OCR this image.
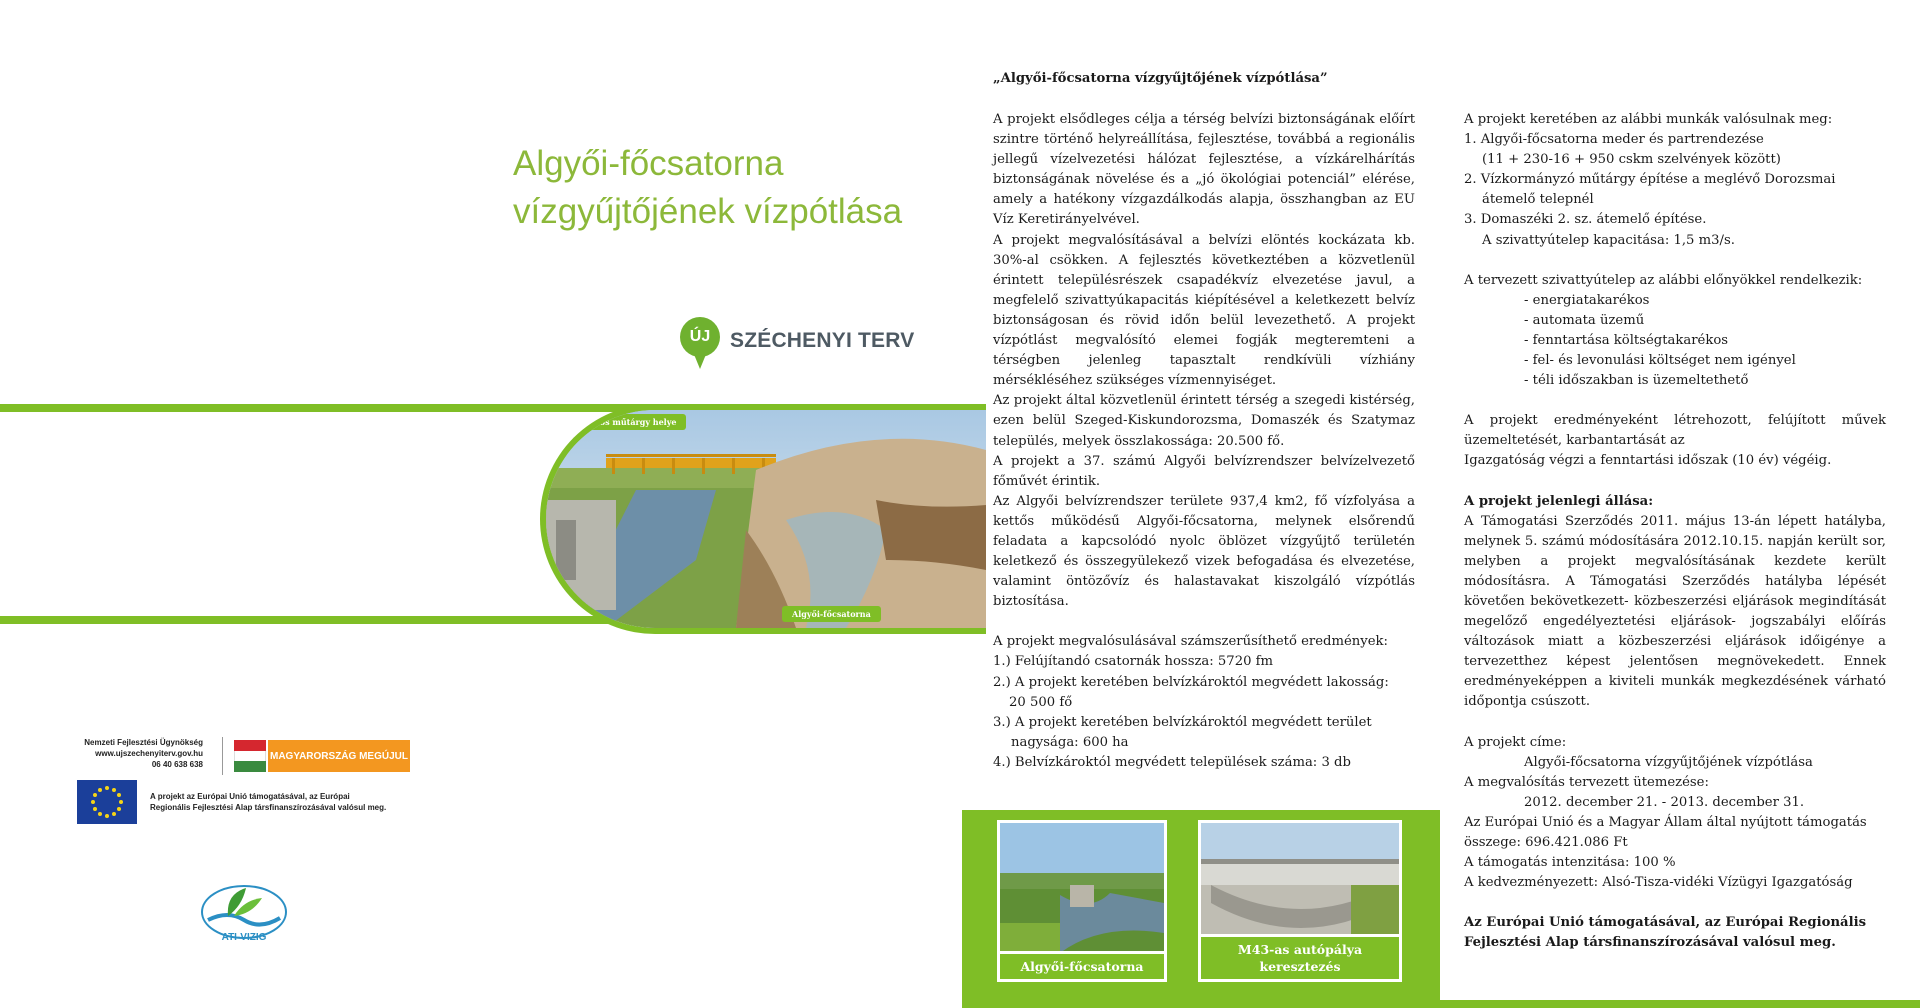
Algyői-főcsatorna
vízgyűjtőjének vízpótlása
ÚJ SZÉCHENYI TERV
Tiltós műtárgy helye
Algyői-főcsatorna
Nemzeti Fejlesztési Ügynökség
www.ujszechenyiterv.gov.hu
06 40 638 638
MAGYARORSZÁG MEGÚJUL
A projekt az Európai Unió támogatásával, az Európai
Regionális Fejlesztési Alap társfinanszírozásával valósul meg.
ATI-VIZIG
„Algyői-főcsatorna vízgyűjtőjének vízpótlása”

A projekt elsődleges célja a térség belvízi biztonságának előírt szintre történő helyreállítása, fejlesztése, továbbá a regionális jellegű vízelvezetési hálózat fejlesztése, a vízkárelhárítás biztonságának növelése és a „jó ökológiai potenciál” elérése, amely a hatékony vízgazdálkodás alapja, összhangban az EU Víz Keretirányelvével.

A projekt megvalósításával a belvízi elöntés kockázata kb. 30%-al csökken. A fejlesztés következtében a közvetlenül érintett településrészek csapadékvíz elvezetése javul, a megfelelő szivattyúkapacitás kiépítésével a keletkezett belvíz biztonságosan és rövid időn belül levezethető. A projekt vízpótlást megvalósító elemei fogják megteremteni a térségben jelenleg tapasztalt rendkívüli vízhiány mérsékléséhez szükséges vízmennyiséget.

Az projekt által közvetlenül érintett térség a szegedi kistérség, ezen belül Szeged-Kiskundorozsma, Domaszék és Szatymaz település, melyek összlakossága: 20.500 fő.

A projekt a 37. számú Algyői belvízrendszer belvízelvezető főművét érintik.

Az Algyői belvízrendszer területe 937,4 km2, fő vízfolyása a kettős működésű Algyői-főcsatorna, melynek elsőrendű feladata a kapcsolódó nyolc öblözet vízgyűjtő területén keletkező és összegyülekező vizek befogadása és elvezetése, valamint öntözővíz és halastavakat kiszolgáló vízpótlás biztosítása.

A projekt megvalósulásával számszerűsíthető eredmények:

1.) Felújítandó csatornák hossza: 5720 fm

2.) A projekt keretében belvízkároktól megvédett lakosság:

20 500 fő

3.) A projekt keretében belvízkároktól megvédett terület

nagysága: 600 ha

4.) Belvízkároktól megvédett települések száma: 3 db

Algyői-főcsatorna
M43-as autópálya
keresztezés

A projekt keretében az alábbi munkák valósulnak meg:

1. Algyői-főcsatorna meder és partrendezése

(11 + 230-16 + 950 cskm szelvények között)

2. Vízkormányzó műtárgy építése a meglévő Dorozsmai

átemelő telepnél

3. Domaszéki 2. sz. átemelő építése.

A szivattyútelep kapacitása: 1,5 m3/s.

A tervezett szivattyútelep az alábbi előnyökkel rendelkezik:

- energiatakarékos

- automata üzemű

- fenntartása költségtakarékos

- fel- és levonulási költséget nem igényel

- téli időszakban is üzemeltethető

A projekt eredményeként létrehozott, felújított művek üzemeltetését, karbantartását az

Igazgatóság végzi a fenntartási időszak (10 év) végéig.

A projekt jelenlegi állása:

A Támogatási Szerződés 2011. május 13-án lépett hatályba, melynek 5. számú módosítására 2012.10.15. napján került sor, melyben a projekt megvalósításának kezdete került módosításra. A Támogatási Szerződés hatályba lépését követően bekövetkezett- közbeszerzési eljárások megindítását megelőző engedélyeztetési eljárások- jogszabályi előírás változások miatt a közbeszerzési eljárások időigénye a tervezetthez képest jelentősen megnövekedett. Ennek eredményeképpen a kiviteli munkák megkezdésének várható időpontja csúszott.

A projekt címe:

Algyői-főcsatorna vízgyűjtőjének vízpótlása

A megvalósítás tervezett ütemezése:

2012. december 21. - 2013. december 31.

Az Európai Unió és a Magyar Állam által nyújtott támogatás

összege: 696.421.086 Ft

A támogatás intenzitása: 100 %

A kedvezményezett: Alsó-Tisza-vidéki Vízügyi Igazgatóság

Az Európai Unió támogatásával, az Európai Regionális

Fejlesztési Alap társfinanszírozásával valósul meg.
